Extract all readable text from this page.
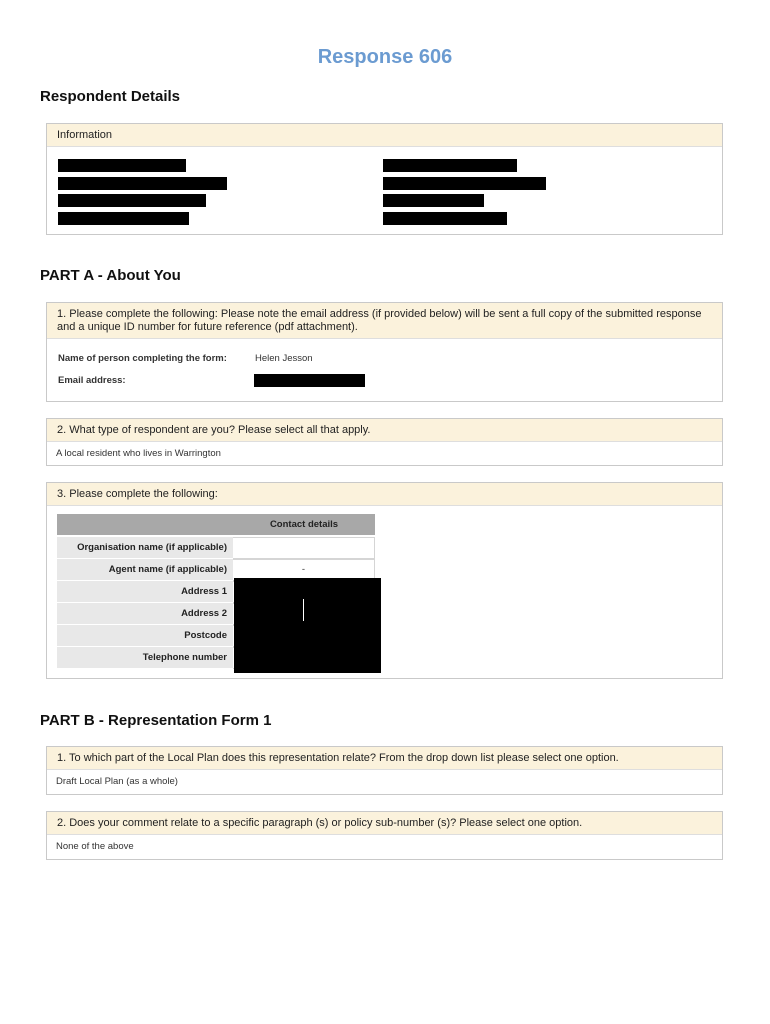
Response 606
Respondent Details
Information
PART A - About You
1. Please complete the following: Please note the email address (if provided below) will be sent a full copy of the submitted response and a unique ID number for future reference (pdf attachment).
Name of person completing the form:	Helen Jesson
Email address:
2. What type of respondent are you? Please select all that apply.
A local resident who lives in Warrington
3. Please complete the following:
Contact details
Organisation name (if applicable)
Agent name (if applicable)	-
Address 1
Address 2
Postcode
Telephone number
PART B - Representation Form 1
1. To which part of the Local Plan does this representation relate? From the drop down list please select one option.
Draft Local Plan (as a whole)
2. Does your comment relate to a specific paragraph (s) or policy sub-number (s)? Please select one option.
None of the above
